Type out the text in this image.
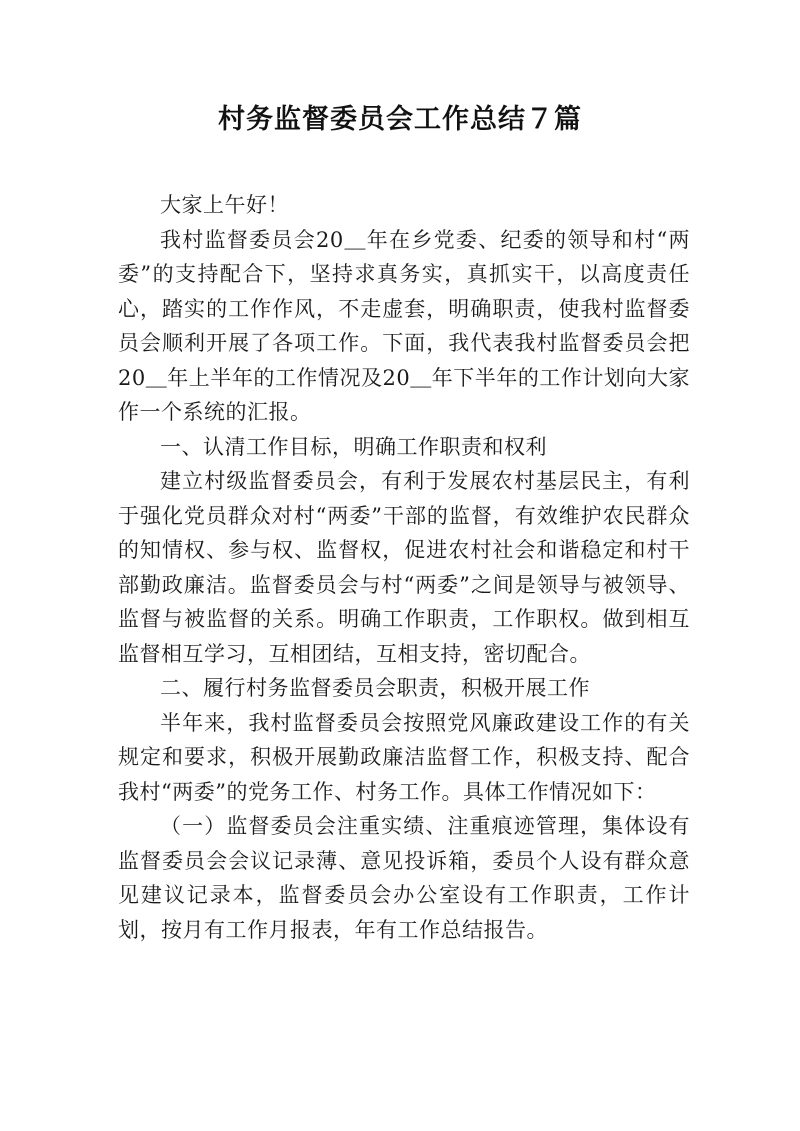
村务监督委员会工作总结７篇

大家上午好！

我村监督委员会20＿年在乡党委、纪委的领导和村“两委”的支持配合下，坚持求真务实，真抓实干，以高度责任心，踏实的工作作风，不走虚套，明确职责，使我村监督委员会顺利开展了各项工作。下面，我代表我村监督委员会把20＿年上半年的工作情况及20＿年下半年的工作计划向大家作一个系统的汇报。

一、认清工作目标，明确工作职责和权利

建立村级监督委员会，有利于发展农村基层民主，有利于强化党员群众对村“两委”干部的监督，有效维护农民群众的知情权、参与权、监督权，促进农村社会和谐稳定和村干部勤政廉洁。监督委员会与村“两委”之间是领导与被领导、监督与被监督的关系。明确工作职责，工作职权。做到相互监督相互学习，互相团结，互相支持，密切配合。

二、履行村务监督委员会职责，积极开展工作

半年来，我村监督委员会按照党风廉政建设工作的有关规定和要求，积极开展勤政廉洁监督工作，积极支持、配合我村“两委”的党务工作、村务工作。具体工作情况如下：

（一）监督委员会注重实绩、注重痕迹管理，集体设有监督委员会会议记录薄、意见投诉箱，委员个人设有群众意见建议记录本，监督委员会办公室设有工作职责，工作计划，按月有工作月报表，年有工作总结报告。
